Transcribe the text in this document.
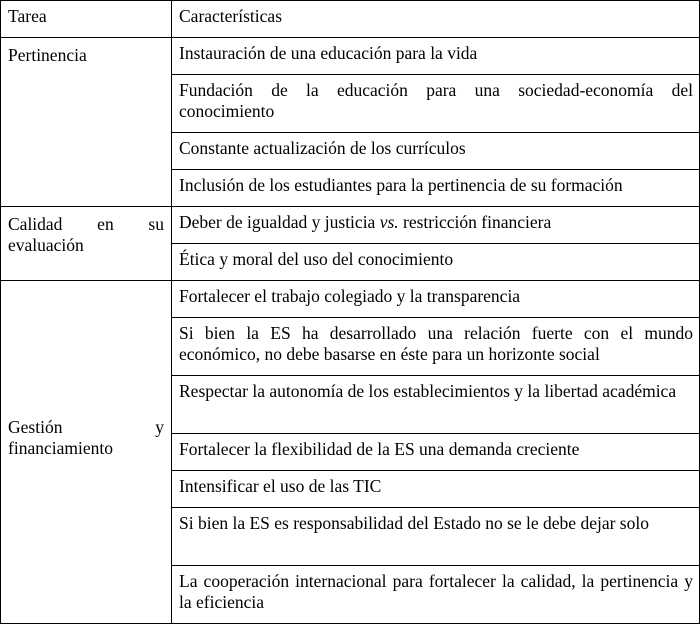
Tarea	Características
Pertinencia	Instauración de una educación para la vida
	Fundación de la educación para una sociedad-economía del conocimiento
	Constante actualización de los currículos
	Inclusión de los estudiantes para la pertinencia de su formación
Calidad en su evaluación	Deber de igualdad y justicia vs. restricción financiera
	Ética y moral del uso del conocimiento
Gestión y financiamiento	Fortalecer el trabajo colegiado y la transparencia
	Si bien la ES ha desarrollado una relación fuerte con el mundo económico, no debe basarse en éste para un horizonte social
	Respectar la autonomía de los establecimientos y la libertad académica
	Fortalecer la flexibilidad de la ES una demanda creciente
	Intensificar el uso de las TIC
	Si bien la ES es responsabilidad del Estado no se le debe dejar solo
	La cooperación internacional para fortalecer la calidad, la pertinencia y la eficiencia
